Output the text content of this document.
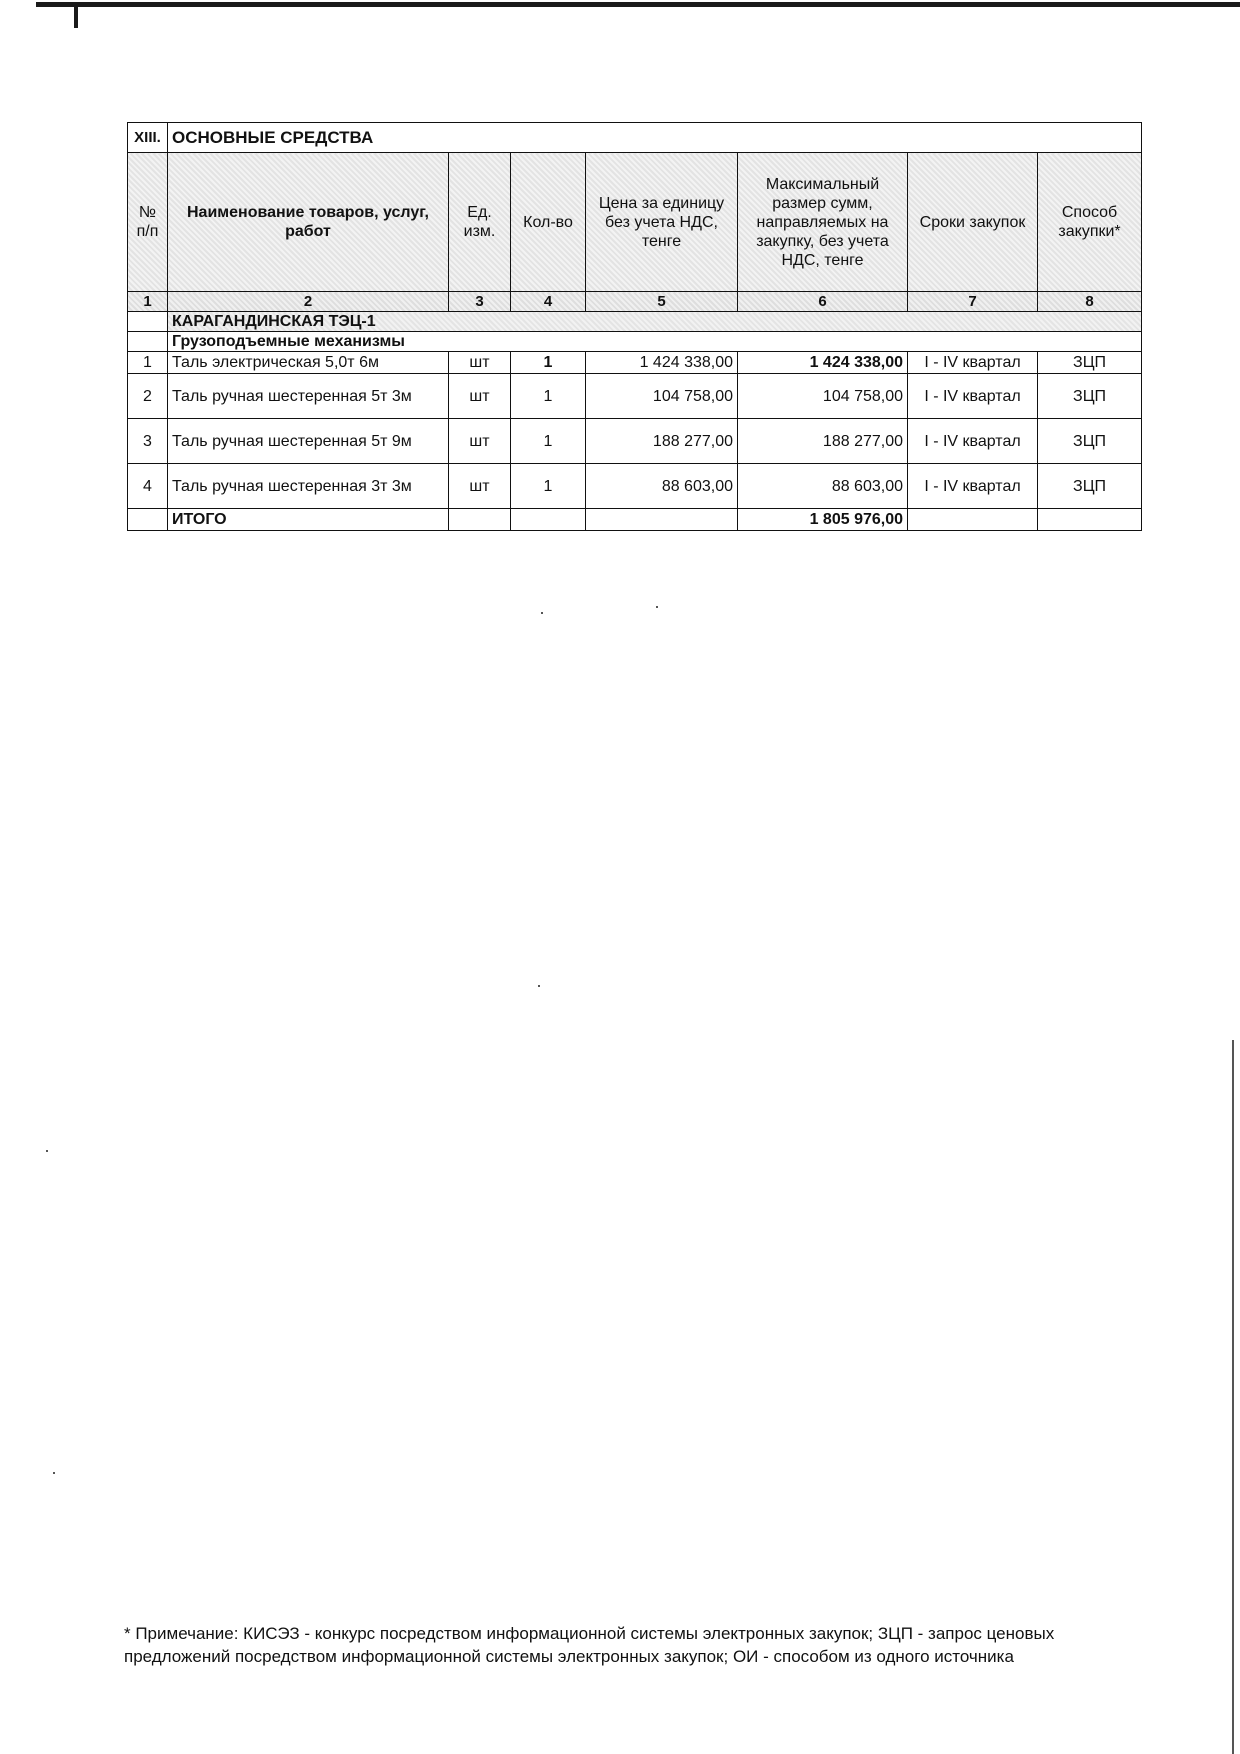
XIII.	ОСНОВНЫЕ СРЕДСТВА						
№ п/п	Наименование товаров, услуг, работ	Ед. изм.	Кол-во	Цена за единицу без учета НДС, тенге	Максимальный размер сумм, направляемых на закупку, без учета НДС, тенге	Сроки закупок	Способ закупки*
1	2	3	4	5	6	7	8
	КАРАГАНДИНСКАЯ ТЭЦ-1						
	Грузоподъемные механизмы						
1	Таль электрическая 5,0т 6м	шт	1	1 424 338,00	1 424 338,00	I - IV квартал	ЗЦП
2	Таль ручная шестеренная 5т 3м	шт	1	104 758,00	104 758,00	I - IV квартал	ЗЦП
3	Таль ручная шестеренная 5т 9м	шт	1	188 277,00	188 277,00	I - IV квартал	ЗЦП
4	Таль ручная шестеренная 3т 3м	шт	1	88 603,00	88 603,00	I - IV квартал	ЗЦП
	ИТОГО				1 805 976,00		
* Примечание: КИСЭЗ - конкурс посредством информационной системы электронных закупок; ЗЦП - запрос ценовых предложений посредством информационной системы электронных закупок; ОИ - способом из одного источника
